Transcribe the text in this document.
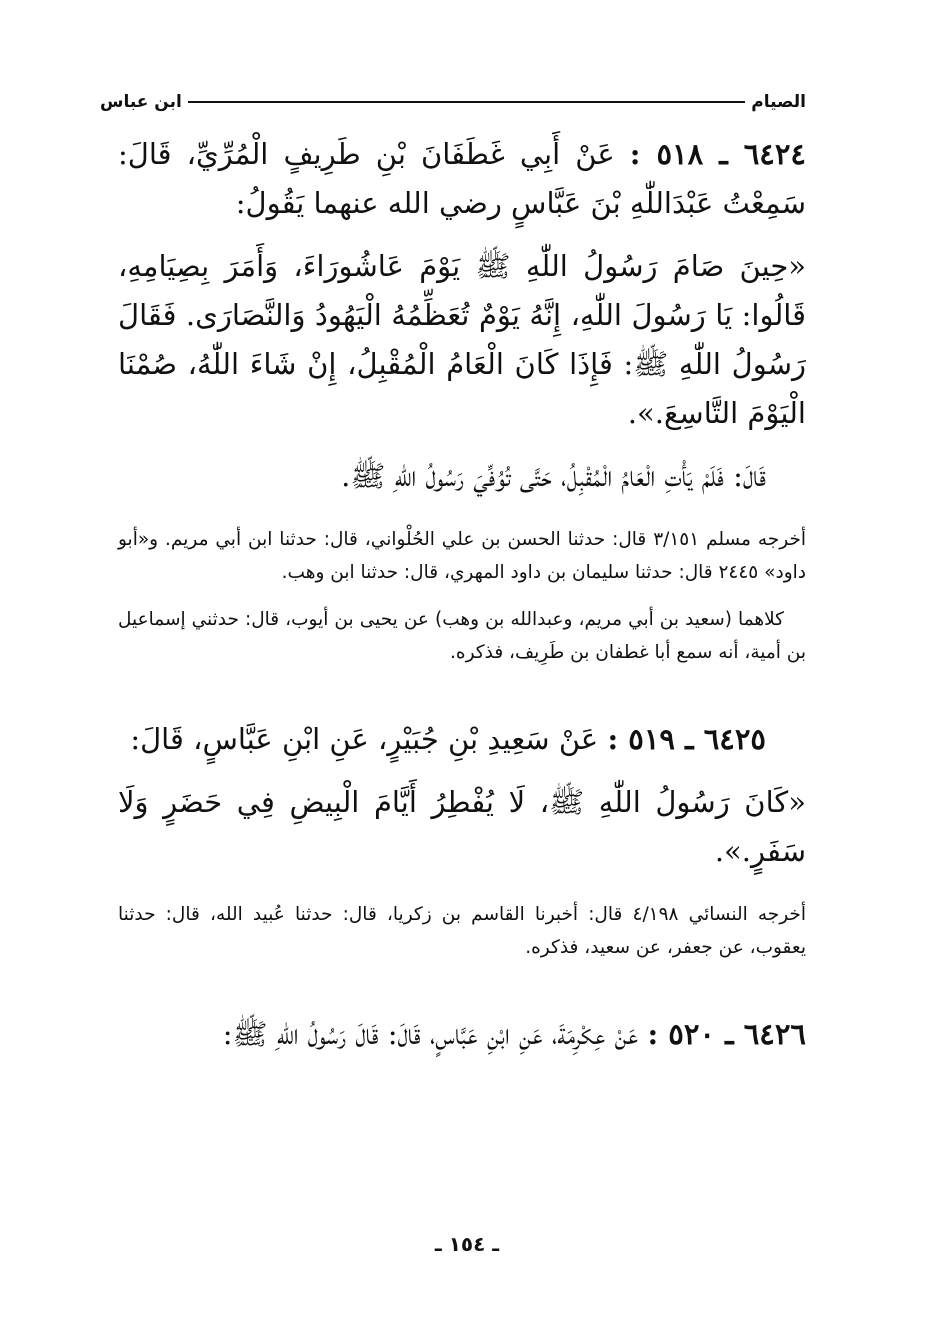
الصيام
ابن عباس

٦٤٢٤ ـ ٥١٨ : عَنْ أَبِي غَطَفَانَ بْنِ طَرِيفٍ الْمُرِّيِّ، قَالَ: سَمِعْتُ عَبْدَاللّٰهِ بْنَ عَبَّاسٍ رضي الله عنهما يَقُولُ:

«حِينَ صَامَ رَسُولُ اللّٰهِ ﷺ يَوْمَ عَاشُورَاءَ، وَأَمَرَ بِصِيَامِهِ، قَالُوا: يَا رَسُولَ اللّٰهِ، إِنَّهُ يَوْمٌ تُعَظِّمُهُ الْيَهُودُ وَالنَّصَارَى. فَقَالَ رَسُولُ اللّٰهِ ﷺ: فَإِذَا كَانَ الْعَامُ الْمُقْبِلُ، إِنْ شَاءَ اللّٰهُ، صُمْنَا الْيَوْمَ التَّاسِعَ.».

قَالَ: فَلَمْ يَأْتِ الْعَامُ الْمُقْبِلُ، حَتَّى تُوُفِّيَ رَسُولُ اللّٰهِ ﷺ.

أخرجه مسلم ٣/١٥١ قال: حدثنا الحسن بن علي الحُلْواني، قال: حدثنا ابن أبي مريم. و«أبو داود» ٢٤٤٥ قال: حدثنا سليمان بن داود المهري، قال: حدثنا ابن وهب.

كلاهما (سعيد بن أبي مريم، وعبدالله بن وهب) عن يحيى بن أيوب، قال: حدثني إسماعيل بن أمية، أنه سمع أبا غطفان بن طَرِيف، فذكره.

٦٤٢٥ ـ ٥١٩ : عَنْ سَعِيدِ بْنِ جُبَيْرٍ، عَنِ ابْنِ عَبَّاسٍ، قَالَ:

«كَانَ رَسُولُ اللّٰهِ ﷺ، لَا يُفْطِرُ أَيَّامَ الْبِيضِ فِي حَضَرٍ وَلَا سَفَرٍ.».

أخرجه النسائي ٤/١٩٨ قال: أخبرنا القاسم بن زكريا، قال: حدثنا عُبيد الله، قال: حدثنا يعقوب، عن جعفر، عن سعيد، فذكره.

٦٤٢٦ ـ ٥٢٠ : عَنْ عِكْرِمَةَ، عَنِ ابْنِ عَبَّاسٍ، قَالَ: قَالَ رَسُولُ اللّٰهِ ﷺ:

ـ ١٥٤ ـ
